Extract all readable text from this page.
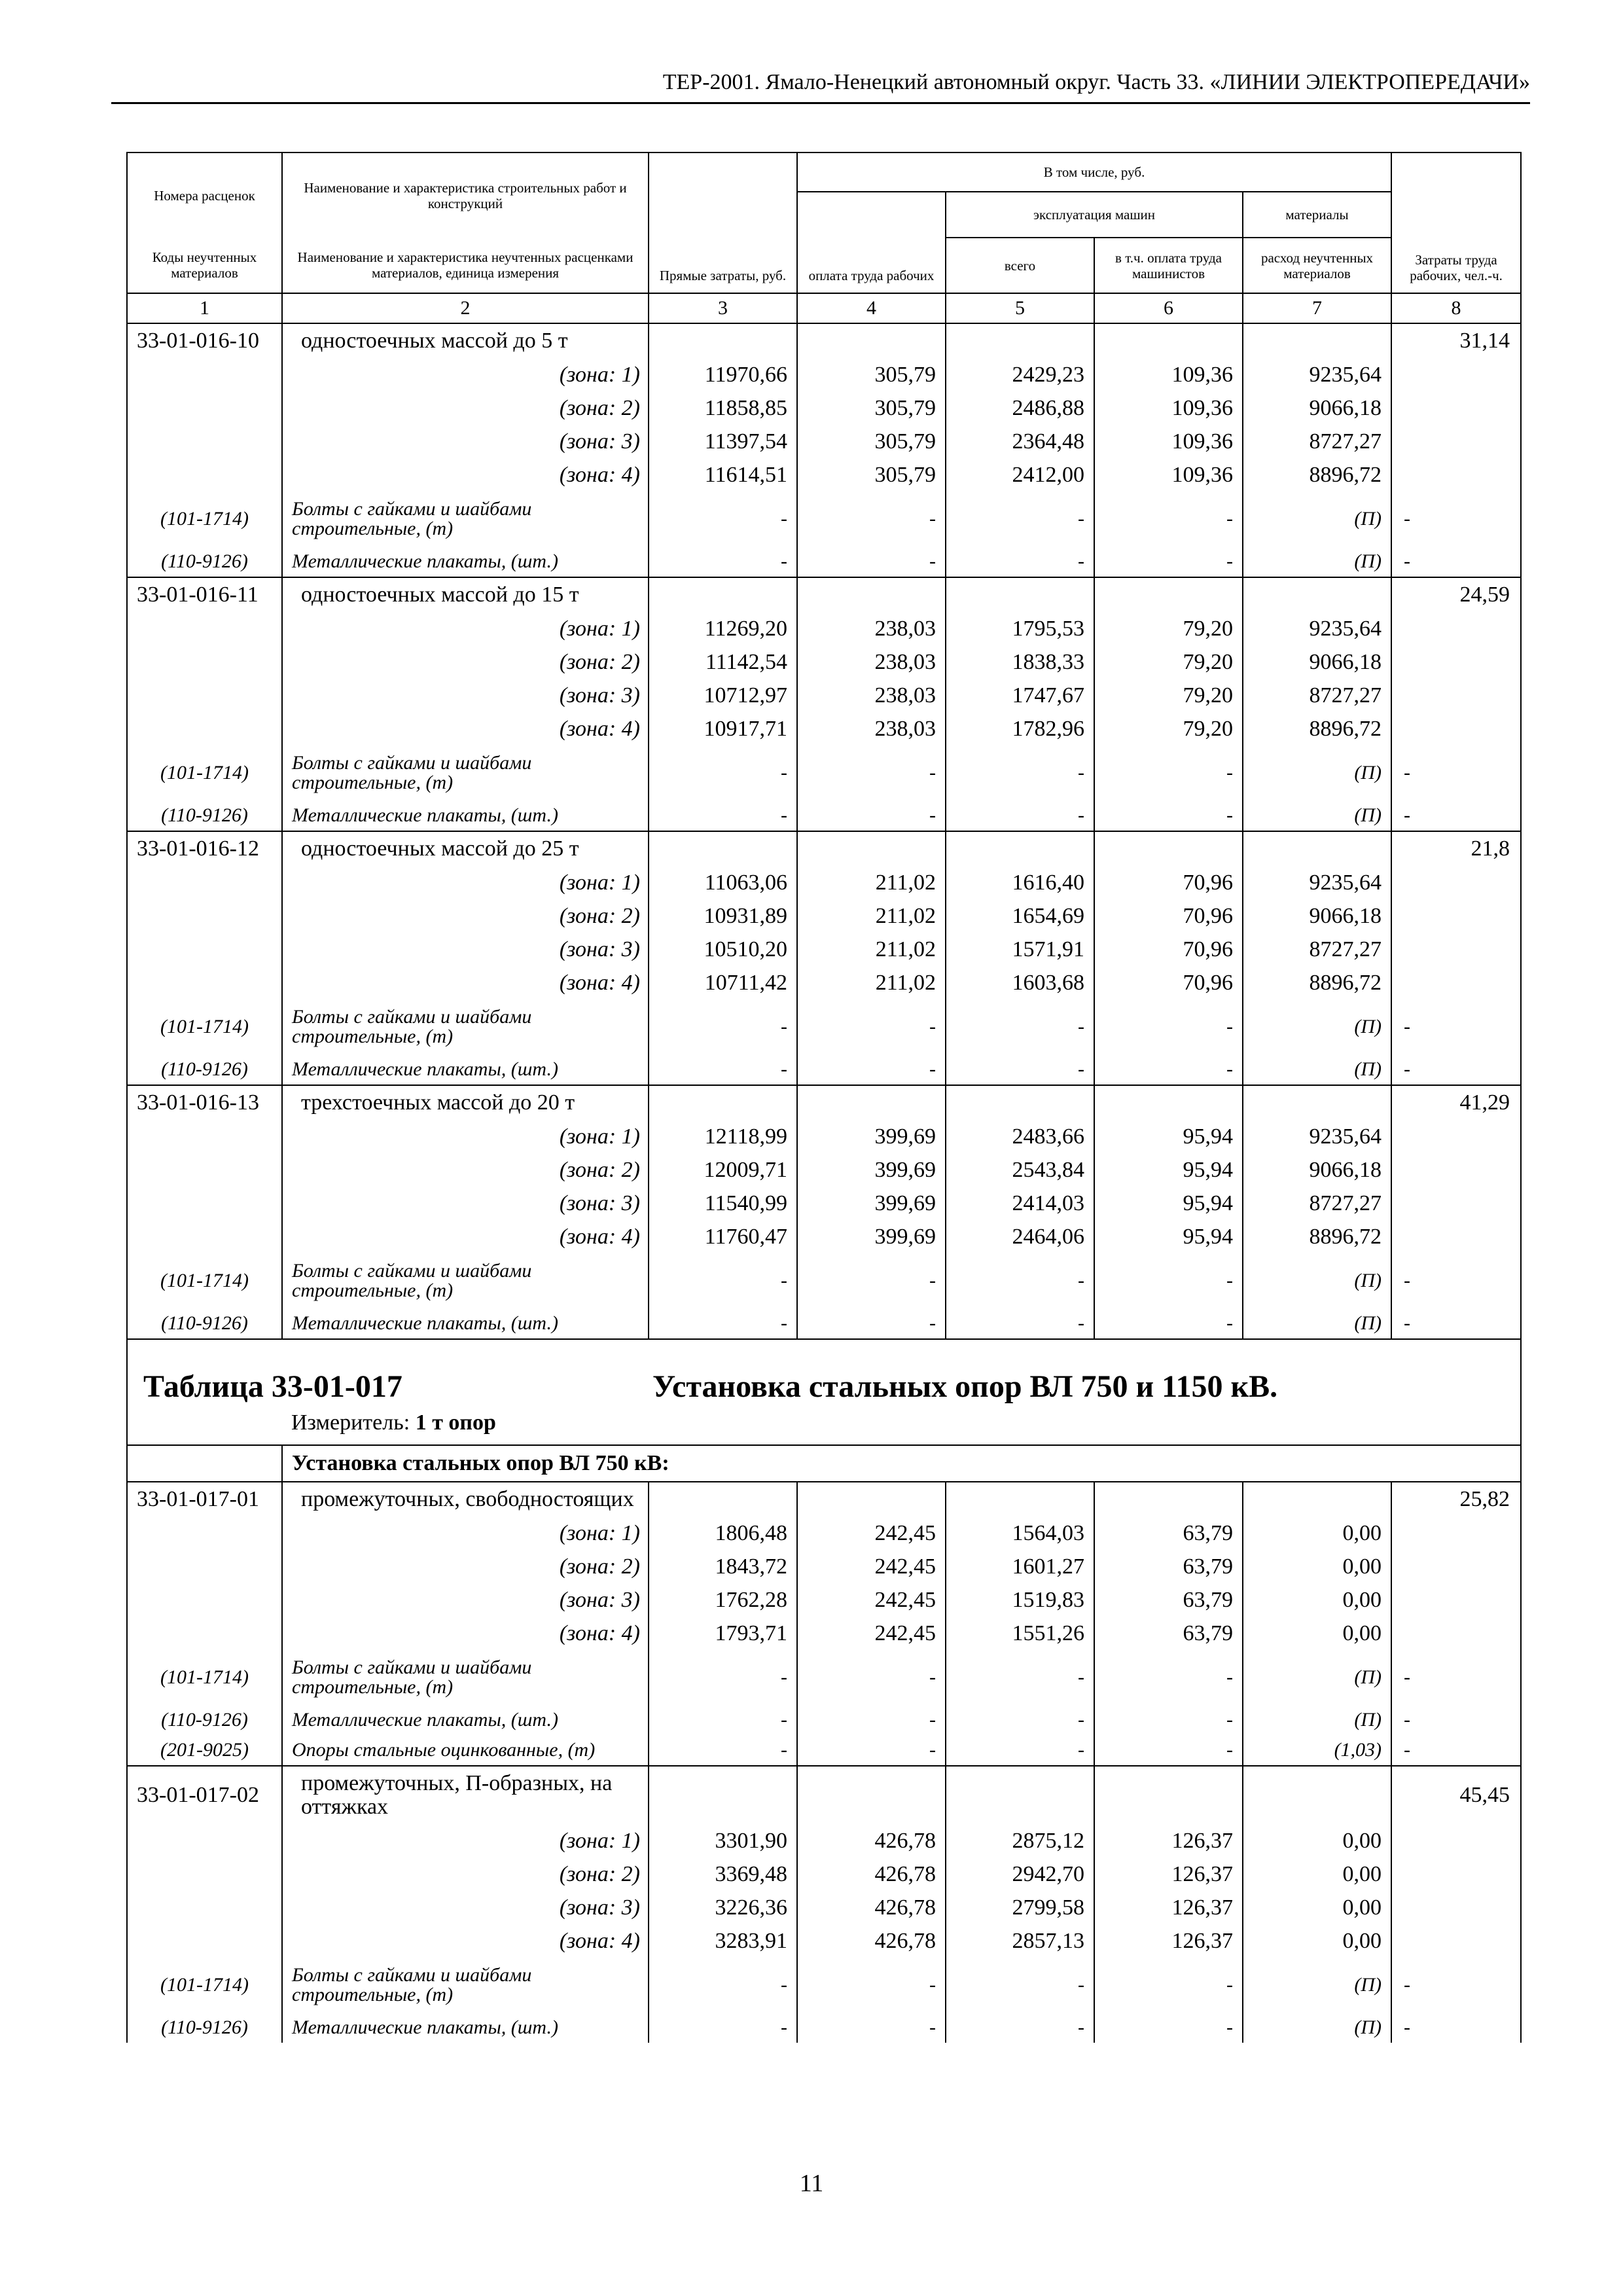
ТЕР-2001. Ямало-Ненецкий автономный округ. Часть 33. «ЛИНИИ ЭЛЕКТРОПЕРЕДАЧИ»
Номера расценок	Наименование и характеристика строительных работ и конструкций	Прямые затраты, руб.	В том числе, руб.				Затраты труда рабочих, чел.-ч.
			оплата труда рабочих	эксплуатация машин		материалы	
Коды неучтенных материалов	Наименование и характеристика неучтенных расценками материалов, единица измерения			всего	в т.ч. оплата труда машинистов	расход неучтенных материалов	

1	2	3	4	5	6	7	8
33-01-016-10	одностоечных массой до 5 т						31,14
	(зона: 1)	11970,66	305,79	2429,23	109,36	9235,64	
	(зона: 2)	11858,85	305,79	2486,88	109,36	9066,18	
	(зона: 3)	11397,54	305,79	2364,48	109,36	8727,27	
	(зона: 4)	11614,51	305,79	2412,00	109,36	8896,72	
(101-1714)	Болты с гайками и шайбами строительные, (т)	-	-	-	-	(П)	-
(110-9126)	Металлические плакаты, (шт.)	-	-	-	-	(П)	-
33-01-016-11	одностоечных массой до 15 т						24,59
	(зона: 1)	11269,20	238,03	1795,53	79,20	9235,64	
	(зона: 2)	11142,54	238,03	1838,33	79,20	9066,18	
	(зона: 3)	10712,97	238,03	1747,67	79,20	8727,27	
	(зона: 4)	10917,71	238,03	1782,96	79,20	8896,72	
(101-1714)	Болты с гайками и шайбами строительные, (т)	-	-	-	-	(П)	-
(110-9126)	Металлические плакаты, (шт.)	-	-	-	-	(П)	-
33-01-016-12	одностоечных массой до 25 т						21,8
	(зона: 1)	11063,06	211,02	1616,40	70,96	9235,64	
	(зона: 2)	10931,89	211,02	1654,69	70,96	9066,18	
	(зона: 3)	10510,20	211,02	1571,91	70,96	8727,27	
	(зона: 4)	10711,42	211,02	1603,68	70,96	8896,72	
(101-1714)	Болты с гайками и шайбами строительные, (т)	-	-	-	-	(П)	-
(110-9126)	Металлические плакаты, (шт.)	-	-	-	-	(П)	-
33-01-016-13	трехстоечных массой до 20 т						41,29
	(зона: 1)	12118,99	399,69	2483,66	95,94	9235,64	
	(зона: 2)	12009,71	399,69	2543,84	95,94	9066,18	
	(зона: 3)	11540,99	399,69	2414,03	95,94	8727,27	
	(зона: 4)	11760,47	399,69	2464,06	95,94	8896,72	
(101-1714)	Болты с гайками и шайбами строительные, (т)	-	-	-	-	(П)	-
(110-9126)	Металлические плакаты, (шт.)	-	-	-	-	(П)	-

Таблица 33-01-017 Установка стальных опор ВЛ 750 и 1150 кВ.
Измеритель: 1 т опор							

	Установка стальных опор ВЛ 750 кВ:						
33-01-017-01	промежуточных, свободностоящих						25,82
	(зона: 1)	1806,48	242,45	1564,03	63,79	0,00	
	(зона: 2)	1843,72	242,45	1601,27	63,79	0,00	
	(зона: 3)	1762,28	242,45	1519,83	63,79	0,00	
	(зона: 4)	1793,71	242,45	1551,26	63,79	0,00	
(101-1714)	Болты с гайками и шайбами строительные, (т)	-	-	-	-	(П)	-
(110-9126)	Металлические плакаты, (шт.)	-	-	-	-	(П)	-
(201-9025)	Опоры стальные оцинкованные, (т)	-	-	-	-	(1,03)	-
33-01-017-02	промежуточных, П-образных, на оттяжках						45,45
	(зона: 1)	3301,90	426,78	2875,12	126,37	0,00	
	(зона: 2)	3369,48	426,78	2942,70	126,37	0,00	
	(зона: 3)	3226,36	426,78	2799,58	126,37	0,00	
	(зона: 4)	3283,91	426,78	2857,13	126,37	0,00	
(101-1714)	Болты с гайками и шайбами строительные, (т)	-	-	-	-	(П)	-
(110-9126)	Металлические плакаты, (шт.)	-	-	-	-	(П)	-
11
